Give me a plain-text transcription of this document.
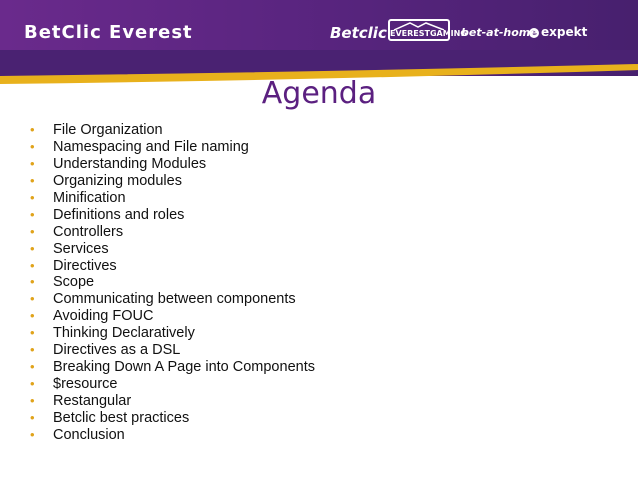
BetClic Everest	Betclic EVERESTGAMING
bet-at-home expekt
Agenda
• File Organization
• Namespacing and File naming
• Understanding Modules
• Organizing modules
• Minification
• Definitions and roles
• Controllers
• Services
• Directives
• Scope
• Communicating between components
• Avoiding FOUC
• Thinking Declaratively
• Directives as a DSL
• Breaking Down A Page into Components
• $resource
• Restangular
• Betclic best practices
• Conclusion
